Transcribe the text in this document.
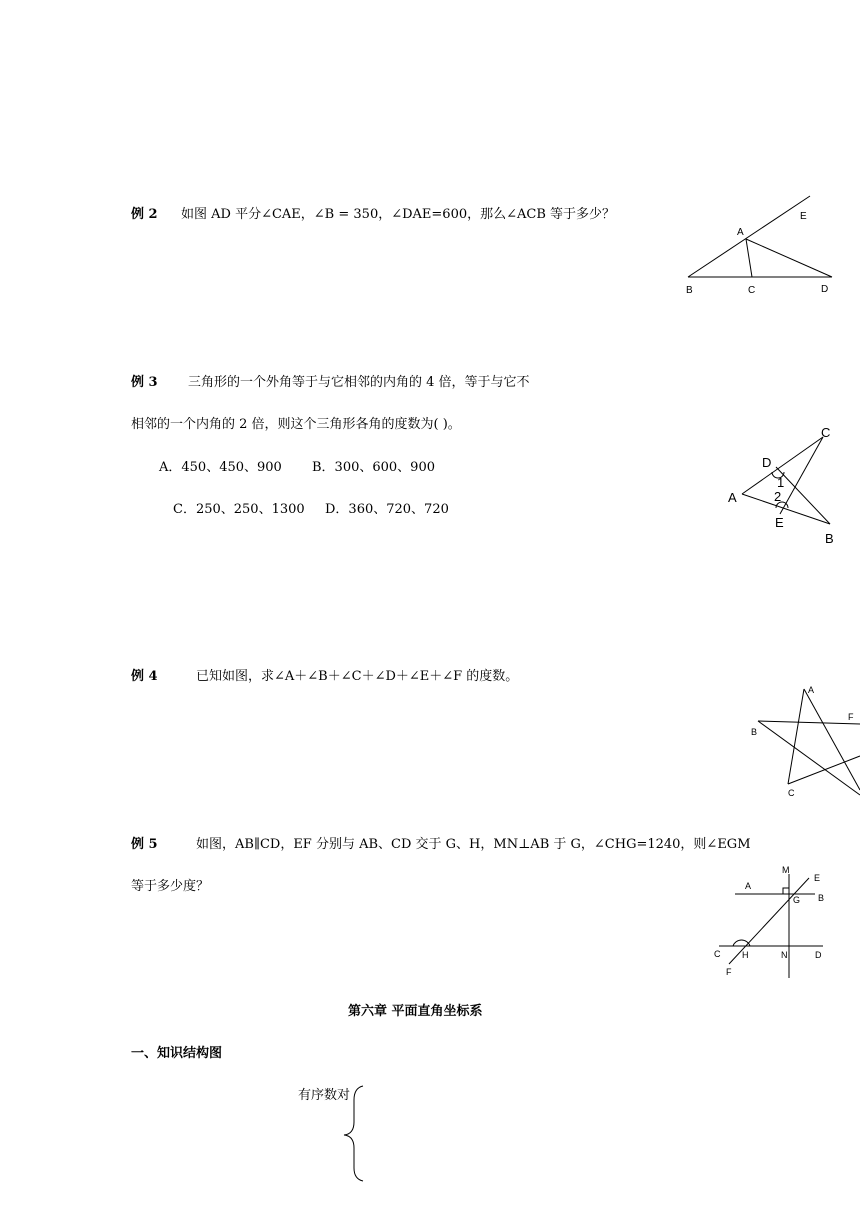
例 2 如图 AD 平分∠CAE，∠B = 350，∠DAE=600，那么∠ACB 等于多少？
A
E
B	C	D
例 3 三角形的一个外角等于与它相邻的内角的 4 倍，等于与它不
相邻的一个内角的 2 倍，则这个三角形各角的度数为( )。
A．450、450、900 B．300、600、900
C．250、250、1300 D．360、720、720
C
D
1
2
A
E
B
例 4	已知如图，求∠A＋∠B＋∠C＋∠D＋∠E＋∠F 的度数。
A
F
B
C
例 5	如图，AB∥CD，EF 分别与 AB、CD 交于 G、H，MN⊥AB 于 G，∠CHG=1240，则∠EGM
等于多少度？
M
E
A
G B
C H	N	D
F
第六章 平面直角坐标系
一、知识结构图
有序数对
